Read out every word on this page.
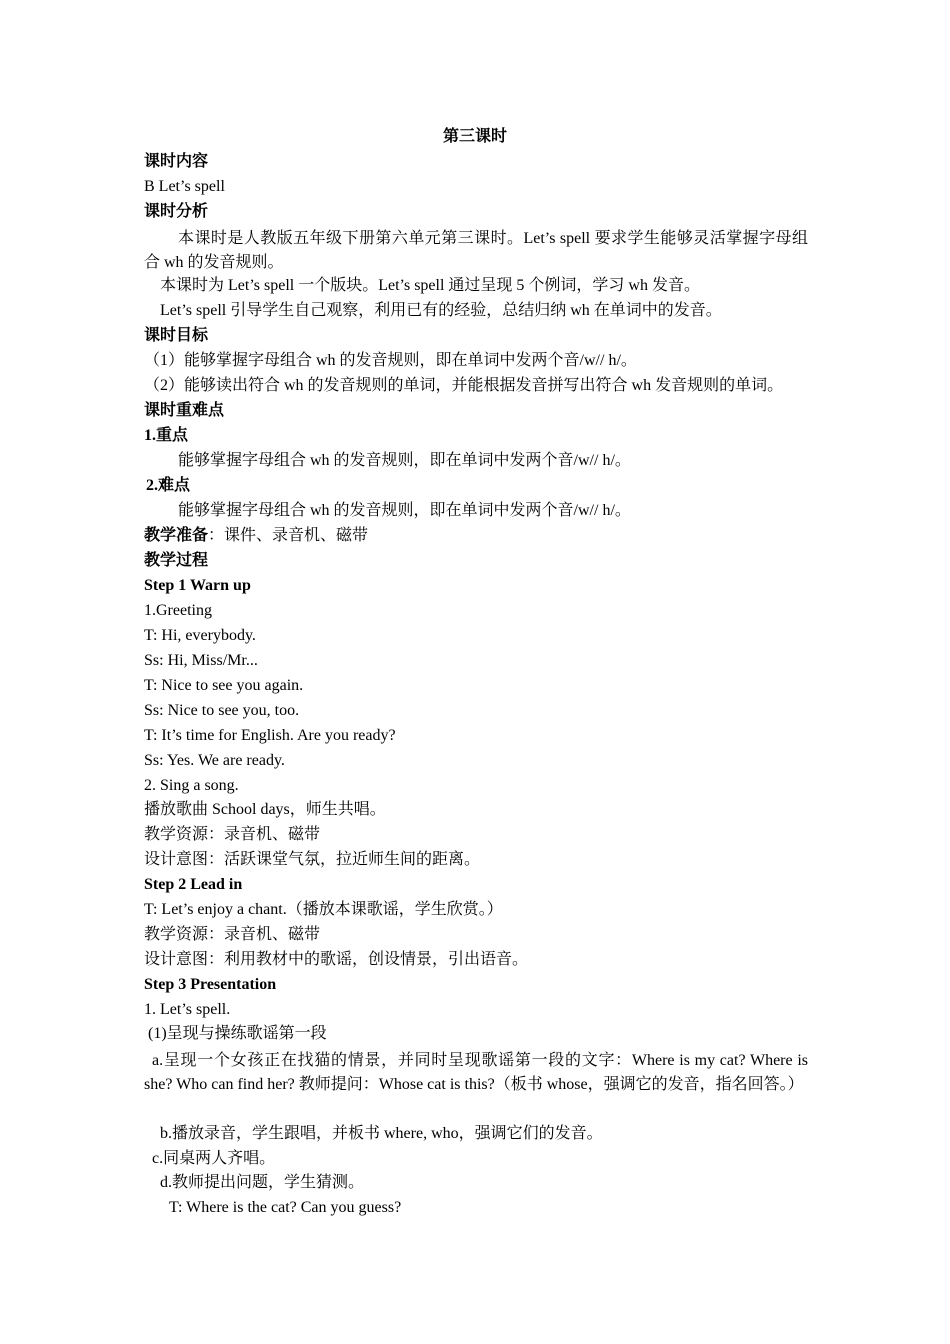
第三课时
课时内容
B Let’s spell
课时分析
本课时是人教版五年级下册第六单元第三课时。Let’s spell 要求学生能够灵活掌握字母组合 wh 的发音规则。
本课时为 Let’s spell 一个版块。Let’s spell 通过呈现 5 个例词，学习 wh 发音。
Let’s spell 引导学生自己观察，利用已有的经验，总结归纳 wh 在单词中的发音。
课时目标
（1）能够掌握字母组合 wh 的发音规则，即在单词中发两个音/w// h/。
（2）能够读出符合 wh 的发音规则的单词，并能根据发音拼写出符合 wh 发音规则的单词。
课时重难点
1.重点
能够掌握字母组合 wh 的发音规则，即在单词中发两个音/w// h/。
2.难点
能够掌握字母组合 wh 的发音规则，即在单词中发两个音/w// h/。
教学准备：课件、录音机、磁带
教学过程
Step 1 Warn up
1.Greeting
T: Hi, everybody.
Ss: Hi, Miss/Mr...
T: Nice to see you again.
Ss: Nice to see you, too.
T: It’s time for English. Are you ready?
Ss: Yes. We are ready.
2. Sing a song.
播放歌曲 School days，师生共唱。
教学资源：录音机、磁带
设计意图：活跃课堂气氛，拉近师生间的距离。
Step 2 Lead in
T: Let’s enjoy a chant.（播放本课歌谣，学生欣赏。）
教学资源：录音机、磁带
设计意图：利用教材中的歌谣，创设情景，引出语音。
Step 3 Presentation
1. Let’s spell.
(1)呈现与操练歌谣第一段
a.呈现一个女孩正在找猫的情景，并同时呈现歌谣第一段的文字：Where is my cat? Where is she? Who can find her? 教师提问：Whose cat is this?（板书 whose，强调它的发音，指名回答。）
b.播放录音，学生跟唱，并板书 where, who，强调它们的发音。
c.同桌两人齐唱。
d.教师提出问题，学生猜测。
T: Where is the cat? Can you guess?
